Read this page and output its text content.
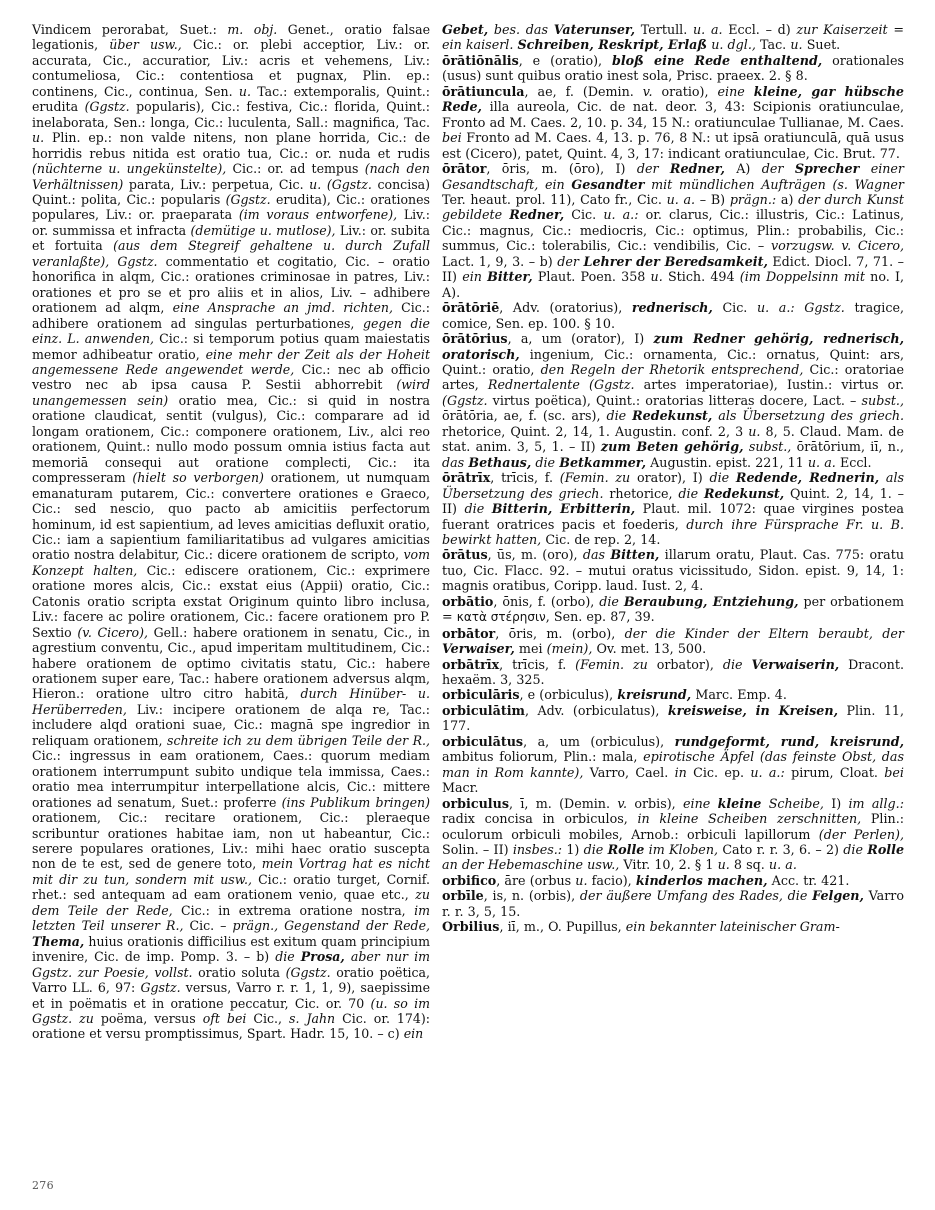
Vindicem perorabat, Suet.: m. obj. Genet., oratio falsae legationis, über usw., Cic.: or. plebi acceptior, Liv.: or. accurata, Cic., accuratior, Liv.: acris et vehemens, Liv.: contumeliosa, Cic.: contentiosa et pugnax, Plin. ep.: continens, Cic., continua, Sen. u. Tac.: extemporalis, Quint.: erudita (Ggstz. popularis), Cic.: festiva, Cic.: florida, Quint.: inelaborata, Sen.: longa, Cic.: luculenta, Sall.: magnifica, Tac. u. Plin. ep.: non valde nitens, non plane horrida, Cic.: de horridis rebus nitida est oratio tua, Cic.: or. nuda et rudis (nüchterne u. ungekünstelte), Cic.: or. ad tempus (nach den Verhältnissen) parata, Liv.: perpetua, Cic. u. (Ggstz. concisa) Quint.: polita, Cic.: popularis (Ggstz. erudita), Cic.: orationes populares, Liv.: or. praeparata (im voraus entworfene), Liv.: or. summissa et infracta (demütige u. mutlose), Liv.: or. subita et fortuita (aus dem Stegreif gehaltene u. durch Zufall veranlaßte), Ggstz. commentatio et cogitatio, Cic. – oratio honorifica in alqm, Cic.: orationes criminosae in patres, Liv.: orationes et pro se et pro aliis et in alios, Liv. – adhibere orationem ad alqm, eine Ansprache an jmd. richten, Cic.: adhibere orationem ad singulas perturbationes, gegen die einz. L. anwenden, Cic.: si temporum potius quam maiestatis memor adhibeatur oratio, eine mehr der Zeit als der Hoheit angemessene Rede angewendet werde, Cic.: nec ab officio vestro nec ab ipsa causa P. Sestii abhorrebit (wird unangemessen sein) oratio mea, Cic.: si quid in nostra oratione claudicat, sentit (vulgus), Cic.: comparare ad id longam orationem, Cic.: componere orationem, Liv., alci reo orationem, Quint.: nullo modo possum omnia istius facta aut memoriā consequi aut oratione complecti, Cic.: ita compresseram (hielt so verborgen) orationem, ut numquam emanaturam putarem, Cic.: convertere orationes e Graeco, Cic.: sed nescio, quo pacto ab amicitiis perfectorum hominum, id est sapientium, ad leves amicitias defluxit oratio, Cic.: iam a sapientium familiaritatibus ad vulgares amicitias oratio nostra delabitur, Cic.: dicere orationem de scripto, vom Konzept halten, Cic.: ediscere orationem, Cic.: exprimere oratione mores alcis, Cic.: exstat eius (Appii) oratio, Cic.: Catonis oratio scripta exstat Originum quinto libro inclusa, Liv.: facere ac polire orationem, Cic.: facere orationem pro P. Sextio (v. Cicero), Gell.: habere orationem in senatu, Cic., in agrestium conventu, Cic., apud imperitam multitudinem, Cic.: habere orationem de optimo civitatis statu, Cic.: habere orationem super eare, Tac.: habere orationem adversus alqm, Hieron.: oratione ultro citro habitā, durch Hinüber- u. Herüberreden, Liv.: incipere orationem de alqa re, Tac.: includere alqd orationi suae, Cic.: magnā spe ingredior in reliquam orationem, schreite ich zu dem übrigen Teile der R., Cic.: ingressus in eam orationem, Caes.: quorum mediam orationem interrumpunt subito undique tela immissa, Caes.: oratio mea interrumpitur interpellatione alcis, Cic.: mittere orationes ad senatum, Suet.: proferre (ins Publikum bringen) orationem, Cic.: recitare orationem, Cic.: pleraeque scribuntur orationes habitae iam, non ut habeantur, Cic.: serere populares orationes, Liv.: mihi haec oratio suscepta non de te est, sed de genere toto, mein Vortrag hat es nicht mit dir zu tun, sondern mit usw., Cic.: oratio turget, Cornif. rhet.: sed antequam ad eam orationem venio, quae etc., zu dem Teile der Rede, Cic.: in extrema oratione nostra, im letzten Teil unserer R., Cic. – prägn., Gegenstand der Rede, Thema, huius orationis difficilius est exitum quam principium invenire, Cic. de imp. Pomp. 3. – b) die Prosa, aber nur im Ggstz. zur Poesie, vollst. oratio soluta (Ggstz. oratio poëtica, Varro LL. 6, 97: Ggstz. versus, Varro r. r. 1, 1, 9), saepissime et in poëmatis et in oratione peccatur, Cic. or. 70 (u. so im Ggstz. zu poëma, versus oft bei Cic., s. Jahn Cic. or. 174): oratione et versu promptissimus, Spart. Hadr. 15, 10. – c) ein

Gebet, bes. das Vaterunser, Tertull. u. a. Eccl. – d) zur Kaiserzeit = ein kaiserl. Schreiben, Reskript, Erlaß u. dgl., Tac. u. Suet.

ōrātiōnālis, e (oratio), bloß eine Rede enthaltend, orationales (usus) sunt quibus oratio inest sola, Prisc. praeex. 2. § 8.

ōrātiuncula, ae, f. (Demin. v. oratio), eine kleine, gar hübsche Rede, illa aureola, Cic. de nat. deor. 3, 43: Scipionis oratiunculae, Fronto ad M. Caes. 2, 10. p. 34, 15 N.: oratiunculae Tullianae, M. Caes. bei Fronto ad M. Caes. 4, 13. p. 76, 8 N.: ut ipsā oratiunculā, quā usus est (Cicero), patet, Quint. 4, 3, 17: indicant oratiunculae, Cic. Brut. 77.

ōrātor, ōris, m. (ōro), I) der Redner, A) der Sprecher einer Gesandtschaft, ein Gesandter mit mündlichen Aufträgen (s. Wagner Ter. heaut. prol. 11), Cato fr., Cic. u. a. – B) prägn.: a) der durch Kunst gebildete Redner, Cic. u. a.: or. clarus, Cic.: illustris, Cic.: Latinus, Cic.: magnus, Cic.: mediocris, Cic.: optimus, Plin.: probabilis, Cic.: summus, Cic.: tolerabilis, Cic.: vendibilis, Cic. – vorzugsw. v. Cicero, Lact. 1, 9, 3. – b) der Lehrer der Beredsamkeit, Edict. Diocl. 7, 71. – II) ein Bitter, Plaut. Poen. 358 u. Stich. 494 (im Doppelsinn mit no. I, A).

ōrātōriē, Adv. (oratorius), rednerisch, Cic. u. a.: Ggstz. tragice, comice, Sen. ep. 100. § 10.

ōrātōrius, a, um (orator), I) zum Redner gehörig, rednerisch, oratorisch, ingenium, Cic.: ornamenta, Cic.: ornatus, Quint: ars, Quint.: oratio, den Regeln der Rhetorik entsprechend, Cic.: oratoriae artes, Rednertalente (Ggstz. artes imperatoriae), Iustin.: virtus or. (Ggstz. virtus poëtica), Quint.: oratorias litteras docere, Lact. – subst., ōrātōria, ae, f. (sc. ars), die Redekunst, als Übersetzung des griech. rhetorice, Quint. 2, 14, 1. Augustin. conf. 2, 3 u. 8, 5. Claud. Mam. de stat. anim. 3, 5, 1. – II) zum Beten gehörig, subst., ōrātōrium, iī, n., das Bethaus, die Betkammer, Augustin. epist. 221, 11 u. a. Eccl.

ōrātrīx, trīcis, f. (Femin. zu orator), I) die Redende, Rednerin, als Übersetzung des griech. rhetorice, die Redekunst, Quint. 2, 14, 1. – II) die Bitterin, Erbitterin, Plaut. mil. 1072: quae virgines postea fuerant oratrices pacis et foederis, durch ihre Fürsprache Fr. u. B. bewirkt hatten, Cic. de rep. 2, 14.

ōrātus, ūs, m. (oro), das Bitten, illarum oratu, Plaut. Cas. 775: oratu tuo, Cic. Flacc. 92. – mutui oratus vicissitudo, Sidon. epist. 9, 14, 1: magnis oratibus, Coripp. laud. Iust. 2, 4.

orbātio, ōnis, f. (orbo), die Beraubung, Entziehung, per orbationem = κατὰ στέρησιν, Sen. ep. 87, 39.

orbātor, ōris, m. (orbo), der die Kinder der Eltern beraubt, der Verwaiser, mei (mein), Ov. met. 13, 500.

orbātrīx, trīcis, f. (Femin. zu orbator), die Verwaiserin, Dracont. hexaëm. 3, 325.

orbiculāris, e (orbiculus), kreisrund, Marc. Emp. 4.

orbiculātim, Adv. (orbiculatus), kreisweise, in Kreisen, Plin. 11, 177.

orbiculātus, a, um (orbiculus), rundgeformt, rund, kreisrund, ambitus foliorum, Plin.: mala, epirotische Äpfel (das feinste Obst, das man in Rom kannte), Varro, Cael. in Cic. ep. u. a.: pirum, Cloat. bei Macr.

orbiculus, ī, m. (Demin. v. orbis), eine kleine Scheibe, I) im allg.: radix concisa in orbiculos, in kleine Scheiben zerschnitten, Plin.: oculorum orbiculi mobiles, Arnob.: orbiculi lapillorum (der Perlen), Solin. – II) insbes.: 1) die Rolle im Kloben, Cato r. r. 3, 6. – 2) die Rolle an der Hebemaschine usw., Vitr. 10, 2. § 1 u. 8 sq. u. a.

orbifico, āre (orbus u. facio), kinderlos machen, Acc. tr. 421.

orbīle, is, n. (orbis), der äußere Umfang des Rades, die Felgen, Varro r. r. 3, 5, 15.

Orbilius, iī, m., O. Pupillus, ein bekannter lateinischer Gram-

276
